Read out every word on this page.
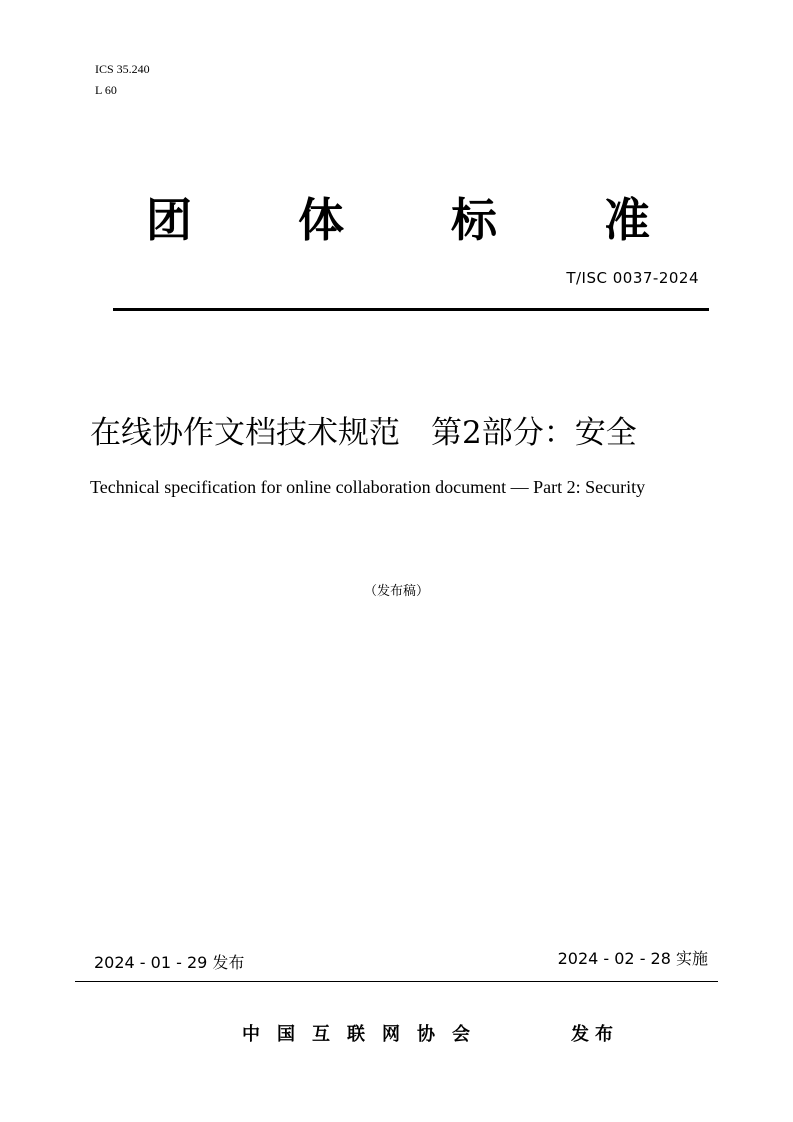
ICS 35.240
L 60
团 体 标 准
T/ISC 0037-2024
在线协作文档技术规范　第2部分：安全
Technical specification for online collaboration document — Part 2: Security
（发布稿）
2024 - 01 - 29 发布	2024 - 02 - 28 实施
中国互联网协会	发布
